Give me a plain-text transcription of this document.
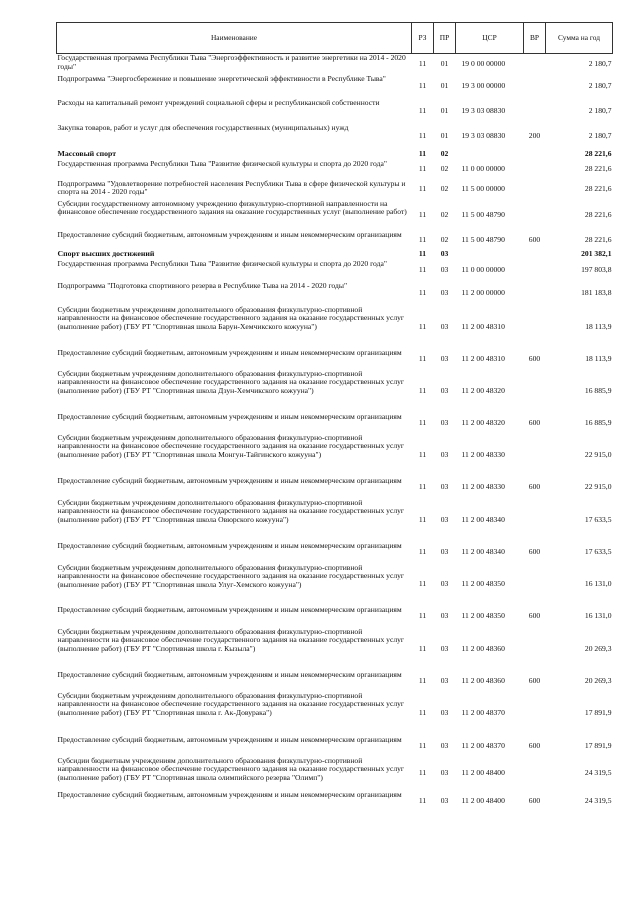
Наименование	РЗ	ПР	ЦСР	ВР	Сумма на год
Государственная программа Республики Тыва "Энергоэффективность и развитие энергетики на 2014 - 2020 годы"	11	01	19 0 00 00000		2 180,7
Подпрограмма "Энергосбережение и повышение энергетической эффективности в Республике Тыва"	11	01	19 3 00 00000		2 180,7
Расходы на капитальный ремонт учреждений социальной сферы и республиканской собственности	11	01	19 3 03 08830		2 180,7
Закупка товаров, работ и услуг для обеспечения государственных (муниципальных) нужд	11	01	19 3 03 08830	200	2 180,7
Массовый спорт	11	02			28 221,6
Государственная программа Республики Тыва "Развитие физической культуры и спорта до 2020 года"	11	02	11 0 00 00000		28 221,6
Подпрограмма "Удовлетворение потребностей населения Республики Тыва в сфере физической культуры и спорта на 2014 - 2020 годы"	11	02	11 5 00 00000		28 221,6
Субсидии государственному автономному учреждению физкультурно-спортивной направленности на финансовое обеспечение государственного задания на оказание государственных услуг (выполнение работ)	11	02	11 5 00 48790		28 221,6
Предоставление субсидий бюджетным, автономным учреждениям и иным некоммерческим организациям	11	02	11 5 00 48790	600	28 221,6
Спорт высших достижений	11	03			201 382,1
Государственная программа Республики Тыва "Развитие физической культуры и спорта до 2020 года"	11	03	11 0 00 00000		197 803,8
Подпрограмма "Подготовка спортивного резерва в Республике Тыва на 2014 - 2020 годы"	11	03	11 2 00 00000		181 183,8
Субсидии бюджетным учреждениям дополнительного образования физкультурно-спортивной направленности на финансовое обеспечение государственного задания на оказание государственных услуг (выполнение работ) (ГБУ РТ "Спортивная школа Барун-Хемчикского кожууна")	11	03	11 2 00 48310		18 113,9
Предоставление субсидий бюджетным, автономным учреждениям и иным некоммерческим организациям	11	03	11 2 00 48310	600	18 113,9
Субсидии бюджетным учреждениям дополнительного образования физкультурно-спортивной направленности на финансовое обеспечение государственного задания на оказание государственных услуг (выполнение работ) (ГБУ РТ "Спортивная школа Дзун-Хемчикского кожууна")	11	03	11 2 00 48320		16 885,9
Предоставление субсидий бюджетным, автономным учреждениям и иным некоммерческим организациям	11	03	11 2 00 48320	600	16 885,9
Субсидии бюджетным учреждениям дополнительного образования физкультурно-спортивной направленности на финансовое обеспечение государственного задания на оказание государственных услуг (выполнение работ) (ГБУ РТ "Спортивная школа Монгун-Тайгинского кожууна")	11	03	11 2 00 48330		22 915,0
Предоставление субсидий бюджетным, автономным учреждениям и иным некоммерческим организациям	11	03	11 2 00 48330	600	22 915,0
Субсидии бюджетным учреждениям дополнительного образования физкультурно-спортивной направленности на финансовое обеспечение государственного задания на оказание государственных услуг (выполнение работ) (ГБУ РТ "Спортивная школа Овюрского кожууна")	11	03	11 2 00 48340		17 633,5
Предоставление субсидий бюджетным, автономным учреждениям и иным некоммерческим организациям	11	03	11 2 00 48340	600	17 633,5
Субсидии бюджетным учреждениям дополнительного образования физкультурно-спортивной направленности на финансовое обеспечение государственного задания на оказание государственных услуг (выполнение работ) (ГБУ РТ "Спортивная школа Улуг-Хемского кожууна")	11	03	11 2 00 48350		16 131,0
Предоставление субсидий бюджетным, автономным учреждениям и иным некоммерческим организациям	11	03	11 2 00 48350	600	16 131,0
Субсидии бюджетным учреждениям дополнительного образования физкультурно-спортивной направленности на финансовое обеспечение государственного задания на оказание государственных услуг (выполнение работ) (ГБУ РТ "Спортивная школа г. Кызыла")	11	03	11 2 00 48360		20 269,3
Предоставление субсидий бюджетным, автономным учреждениям и иным некоммерческим организациям	11	03	11 2 00 48360	600	20 269,3
Субсидии бюджетным учреждениям дополнительного образования физкультурно-спортивной направленности на финансовое обеспечение государственного задания на оказание государственных услуг (выполнение работ) (ГБУ РТ "Спортивная школа г. Ак-Довурака")	11	03	11 2 00 48370		17 891,9
Предоставление субсидий бюджетным, автономным учреждениям и иным некоммерческим организациям	11	03	11 2 00 48370	600	17 891,9
Субсидии бюджетным учреждениям дополнительного образования физкультурно-спортивной направленности на финансовое обеспечение государственного задания на оказание государственных услуг (выполнение работ) (ГБУ РТ "Спортивная школа олимпийского резерва "Олимп")	11	03	11 2 00 48400		24 319,5
Предоставление субсидий бюджетным, автономным учреждениям и иным некоммерческим организациям	11	03	11 2 00 48400	600	24 319,5
